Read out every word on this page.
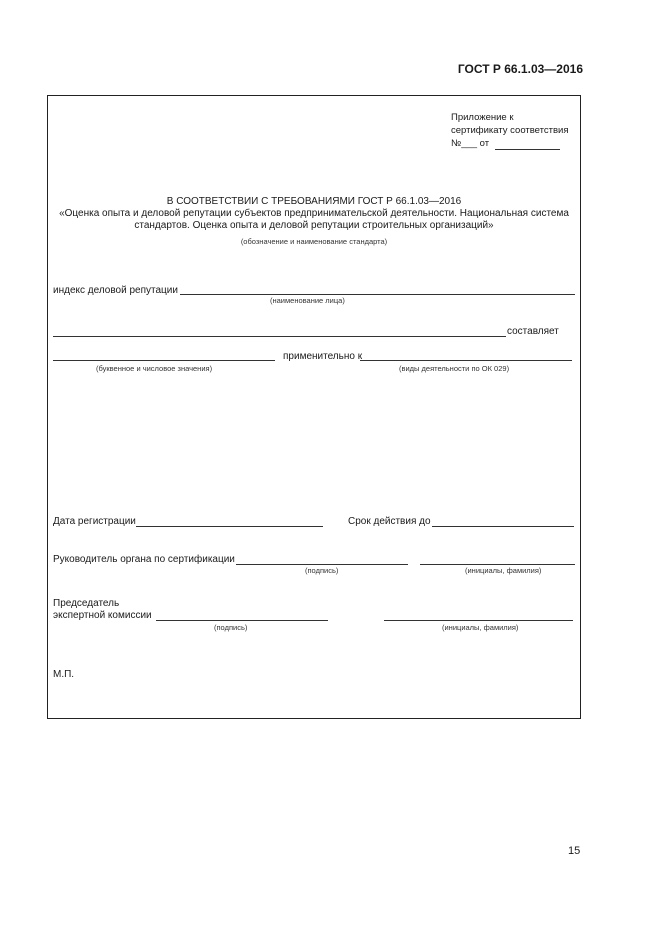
ГОСТ Р 66.1.03—2016
Приложение к
сертификату соответствия
№___ от
В СООТВЕТСТВИИ С ТРЕБОВАНИЯМИ ГОСТ Р 66.1.03—2016
«Оценка опыта и деловой репутации субъектов предпринимательской деятельности. Национальная система
стандартов. Оценка опыта и деловой репутации строительных организаций»
(обозначение и наименование стандарта)
индекс деловой репутации
(наименование лица)
составляет
применительно к
(буквенное и числовое значения)	(виды деятельности по ОК 029)
Дата регистрации	Срок действия до
Руководитель органа по сертификации
(подпись)	(инициалы, фамилия)
Председатель
экспертной комиссии
(подпись)	(инициалы, фамилия)
М.П.
15
